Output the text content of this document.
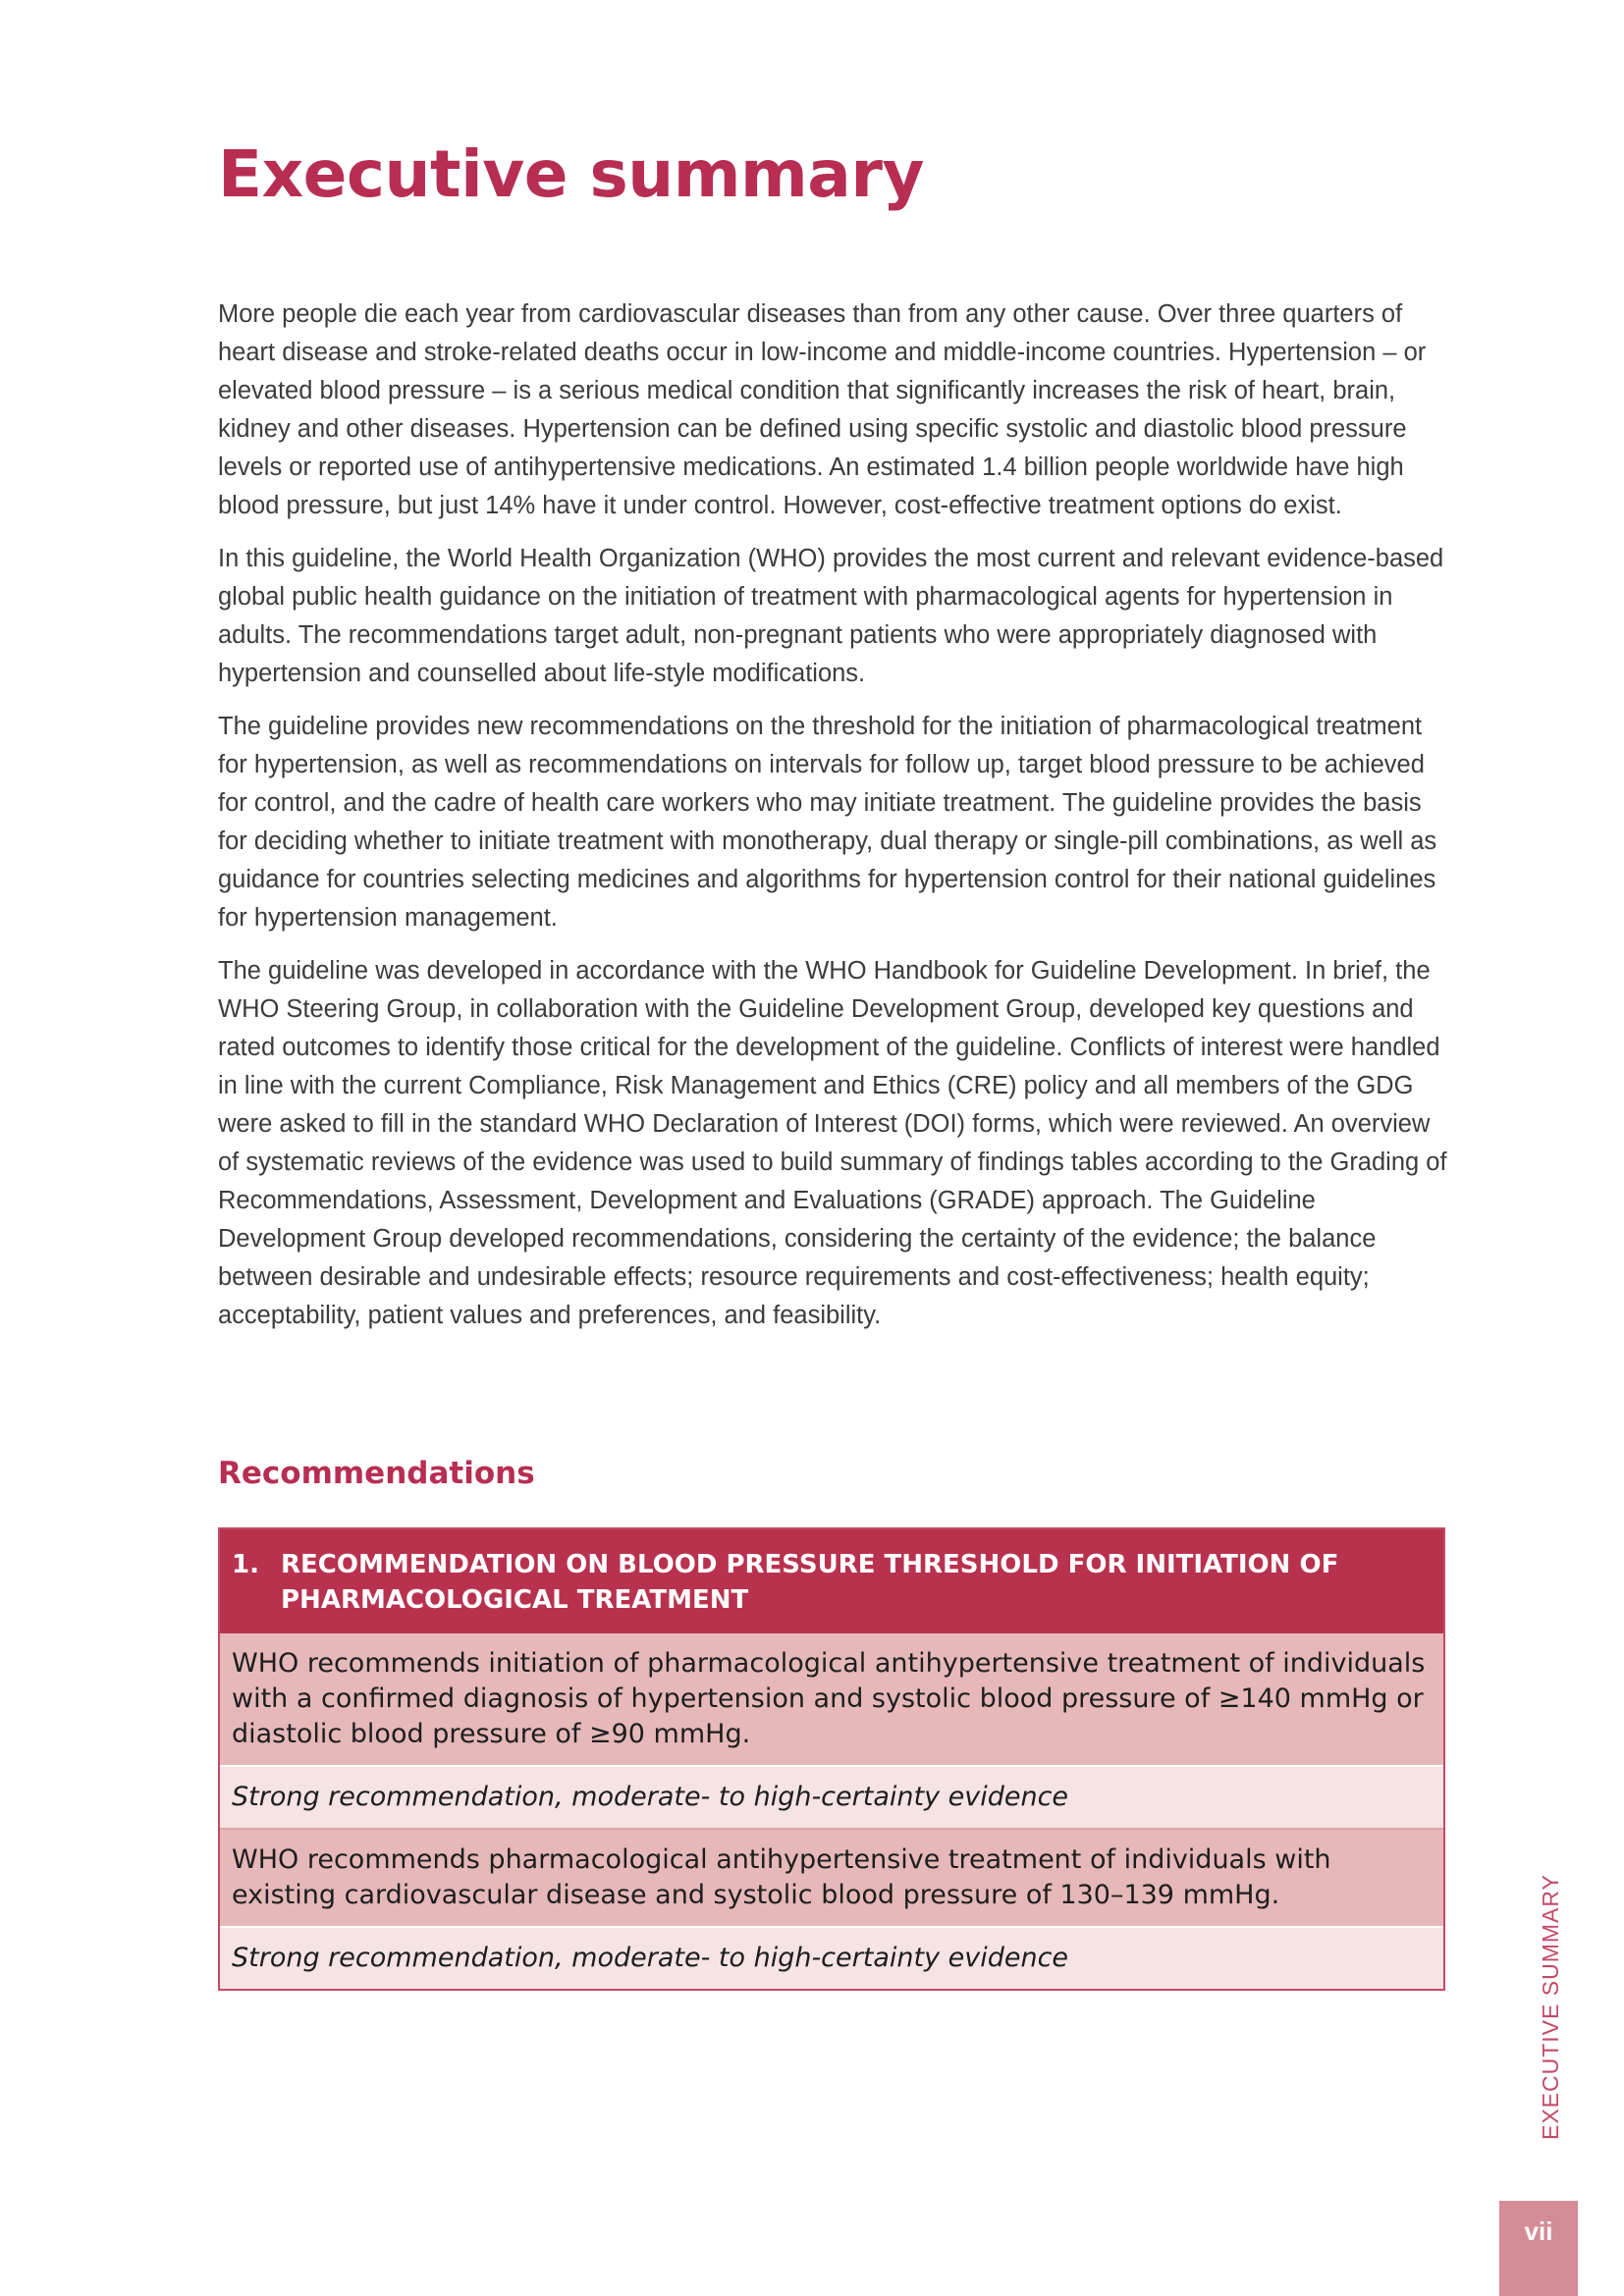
Executive summary

More people die each year from cardiovascular diseases than from any other cause. Over three quarters of heart disease and stroke-related deaths occur in low-income and middle-income countries. Hypertension – or elevated blood pressure – is a serious medical condition that significantly increases the risk of heart, brain, kidney and other diseases. Hypertension can be defined using specific systolic and diastolic blood pressure levels or reported use of antihypertensive medications. An estimated 1.4 billion people worldwide have high blood pressure, but just 14% have it under control. However, cost-effective treatment options do exist.

In this guideline, the World Health Organization (WHO) provides the most current and relevant evidence-based global public health guidance on the initiation of treatment with pharmacological agents for hypertension in adults. The recommendations target adult, non-pregnant patients who were appropriately diagnosed with hypertension and counselled about life-style modifications.

The guideline provides new recommendations on the threshold for the initiation of pharmacological treatment for hypertension, as well as recommendations on intervals for follow up, target blood pressure to be achieved for control, and the cadre of health care workers who may initiate treatment. The guideline provides the basis for deciding whether to initiate treatment with monotherapy, dual therapy or single-pill combinations, as well as guidance for countries selecting medicines and algorithms for hypertension control for their national guidelines for hypertension management.

The guideline was developed in accordance with the WHO Handbook for Guideline Development. In brief, the WHO Steering Group, in collaboration with the Guideline Development Group, developed key questions and rated outcomes to identify those critical for the development of the guideline. Conflicts of interest were handled in line with the current Compliance, Risk Management and Ethics (CRE) policy and all members of the GDG were asked to fill in the standard WHO Declaration of Interest (DOI) forms, which were reviewed. An overview of systematic reviews of the evidence was used to build summary of findings tables according to the Grading of Recommendations, Assessment, Development and Evaluations (GRADE) approach. The Guideline Development Group developed recommendations, considering the certainty of the evidence; the balance between desirable and undesirable effects; resource requirements and cost-effectiveness; health equity; acceptability, patient values and preferences, and feasibility.

Recommendations
1. RECOMMENDATION ON BLOOD PRESSURE THRESHOLD FOR INITIATION OF PHARMACOLOGICAL TREATMENT
WHO recommends initiation of pharmacological antihypertensive treatment of individuals with a confirmed diagnosis of hypertension and systolic blood pressure of ≥140 mmHg or diastolic blood pressure of ≥90 mmHg.
Strong recommendation, moderate- to high-certainty evidence
WHO recommends pharmacological antihypertensive treatment of individuals with existing cardiovascular disease and systolic blood pressure of 130–139 mmHg.
Strong recommendation, moderate- to high-certainty evidence	EXECUTIVE SUMMARY
vii
